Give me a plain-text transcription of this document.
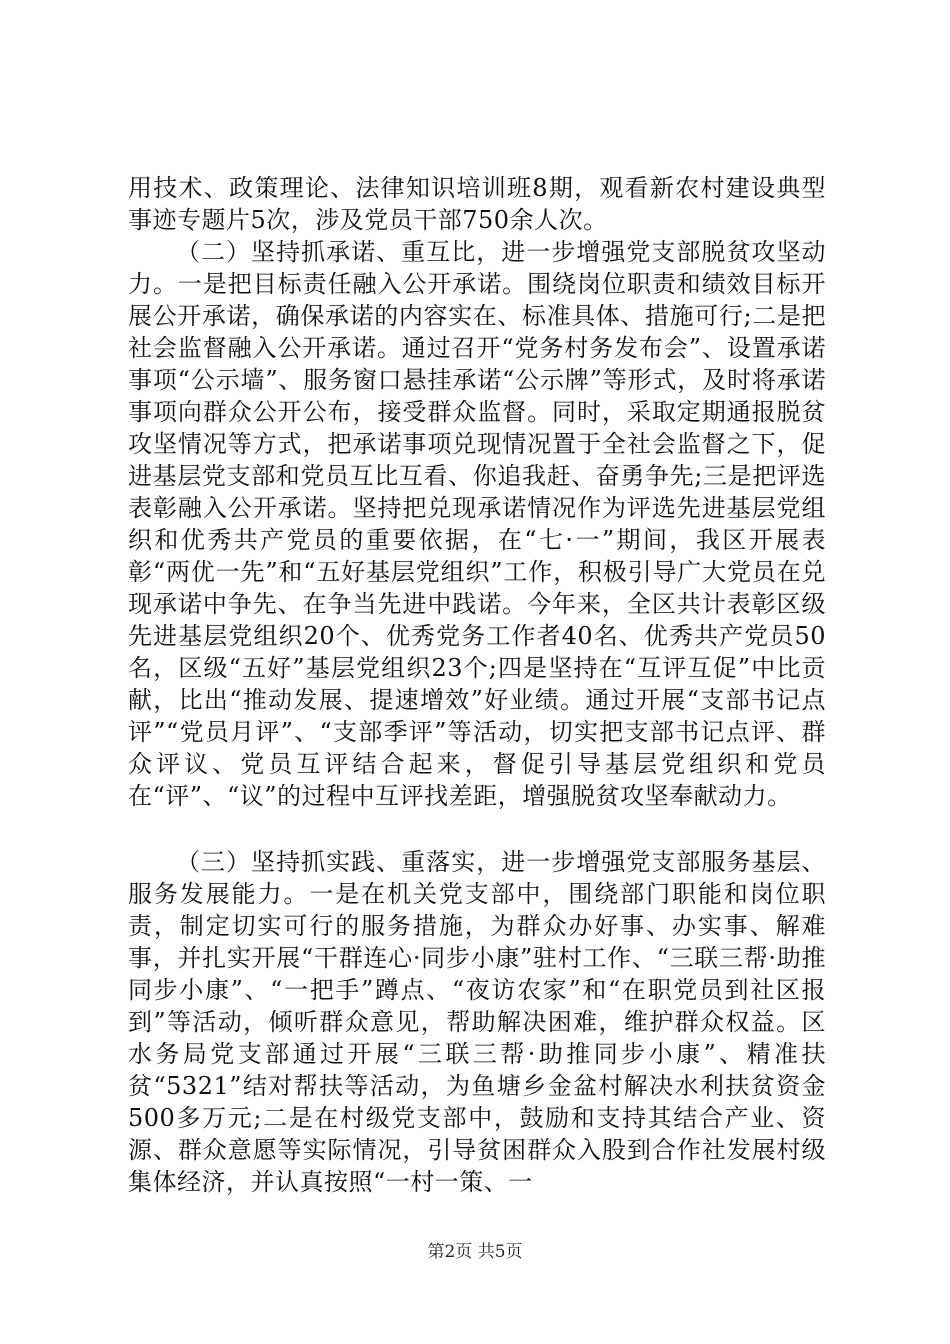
用技术、政策理论、法律知识培训班8期，观看新农村建设典型事迹专题片5次，涉及党员干部750余人次。

（二）坚持抓承诺、重互比，进一步增强党支部脱贫攻坚动力。一是把目标责任融入公开承诺。围绕岗位职责和绩效目标开展公开承诺，确保承诺的内容实在、标准具体、措施可行;二是把社会监督融入公开承诺。通过召开“党务村务发布会”、设置承诺事项“公示墙”、服务窗口悬挂承诺“公示牌”等形式，及时将承诺事项向群众公开公布，接受群众监督。同时，采取定期通报脱贫攻坚情况等方式，把承诺事项兑现情况置于全社会监督之下，促进基层党支部和党员互比互看、你追我赶、奋勇争先;三是把评选表彰融入公开承诺。坚持把兑现承诺情况作为评选先进基层党组织和优秀共产党员的重要依据，在“七·一”期间，我区开展表彰“两优一先”和“五好基层党组织”工作，积极引导广大党员在兑现承诺中争先、在争当先进中践诺。今年来，全区共计表彰区级先进基层党组织20个、优秀党务工作者40名、优秀共产党员50名，区级“五好”基层党组织23个;四是坚持在“互评互促”中比贡献，比出“推动发展、提速增效”好业绩。通过开展“支部书记点评”“党员月评”、“支部季评”等活动，切实把支部书记点评、群众评议、党员互评结合起来，督促引导基层党组织和党员在“评”、“议”的过程中互评找差距，增强脱贫攻坚奉献动力。

（三）坚持抓实践、重落实，进一步增强党支部服务基层、服务发展能力。一是在机关党支部中，围绕部门职能和岗位职责，制定切实可行的服务措施，为群众办好事、办实事、解难事，并扎实开展“干群连心·同步小康”驻村工作、“三联三帮·助推同步小康”、“一把手”蹲点、“夜访农家”和“在职党员到社区报到”等活动，倾听群众意见，帮助解决困难，维护群众权益。区水务局党支部通过开展“三联三帮·助推同步小康”、精准扶贫“5321”结对帮扶等活动，为鱼塘乡金盆村解决水利扶贫资金500多万元;二是在村级党支部中，鼓励和支持其结合产业、资源、群众意愿等实际情况，引导贫困群众入股到合作社发展村级集体经济，并认真按照“一村一策、一

第2页 共5页
